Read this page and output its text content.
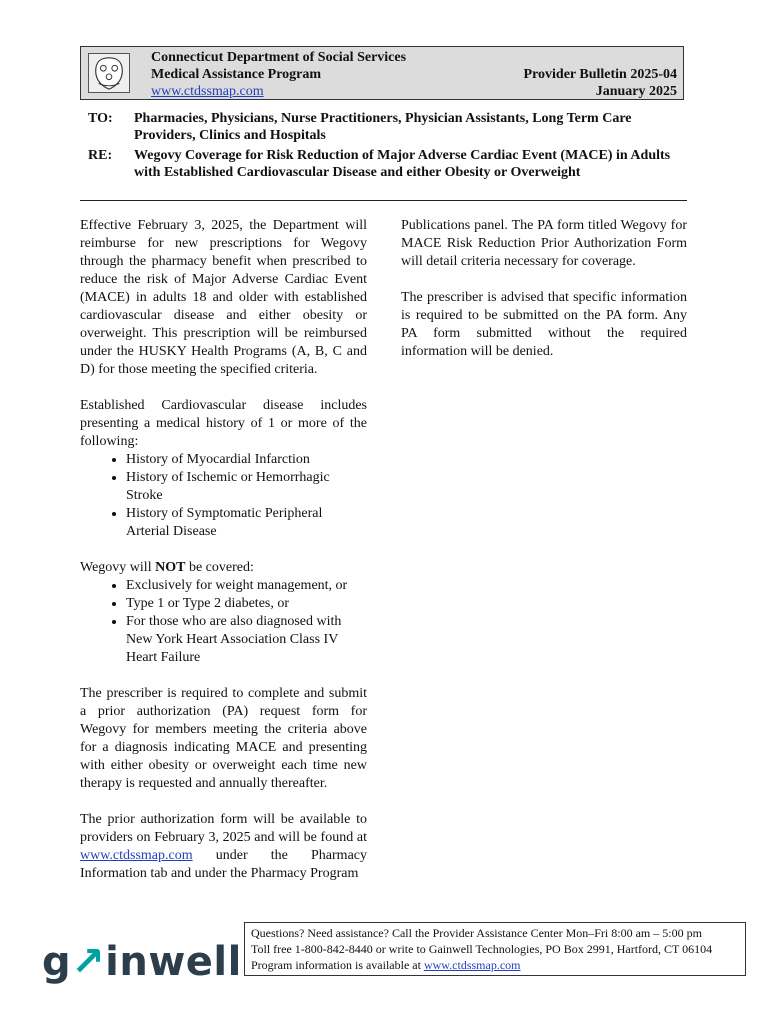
Connecticut Department of Social Services
Medical Assistance Program
www.ctdssmap.com
Provider Bulletin 2025-04
January 2025
TO:	Pharmacies, Physicians, Nurse Practitioners, Physician Assistants, Long Term Care Providers, Clinics and Hospitals
RE:	Wegovy Coverage for Risk Reduction of Major Adverse Cardiac Event (MACE) in Adults with Established Cardiovascular Disease and either Obesity or Overweight

Effective February 3, 2025, the Department will reimburse for new prescriptions for Wegovy through the pharmacy benefit when prescribed to reduce the risk of Major Adverse Cardiac Event (MACE) in adults 18 and older with established cardiovascular disease and either obesity or overweight. This prescription will be reimbursed under the HUSKY Health Programs (A, B, C and D) for those meeting the specified criteria.

Established Cardiovascular disease includes presenting a medical history of 1 or more of the following:

• History of Myocardial Infarction
• History of Ischemic or Hemorrhagic Stroke
• History of Symptomatic Peripheral Arterial Disease

Wegovy will NOT be covered:

• Exclusively for weight management, or
• Type 1 or Type 2 diabetes, or
• For those who are also diagnosed with New York Heart Association Class IV Heart Failure

The prescriber is required to complete and submit a prior authorization (PA) request form for Wegovy for members meeting the criteria above for a diagnosis indicating MACE and presenting with either obesity or overweight each time new therapy is requested and annually thereafter.

The prior authorization form will be available to providers on February 3, 2025 and will be found at www.ctdssmap.com under the Pharmacy Information tab and under the Pharmacy Program

Publications panel. The PA form titled Wegovy for MACE Risk Reduction Prior Authorization Form will detail criteria necessary for coverage.

The prescriber is advised that specific information is required to be submitted on the PA form. Any PA form submitted without the required information will be denied.

g↗inwell
Questions? Need assistance? Call the Provider Assistance Center Mon–Fri 8:00 am – 5:00 pm
Toll free 1-800-842-8440 or write to Gainwell Technologies, PO Box 2991, Hartford, CT 06104
Program information is available at www.ctdssmap.com
